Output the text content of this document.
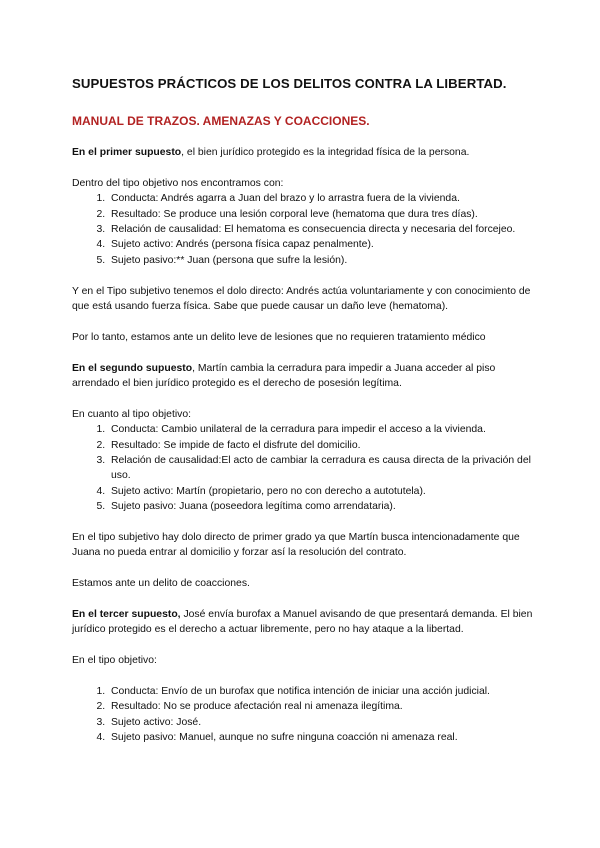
SUPUESTOS PRÁCTICOS DE LOS DELITOS CONTRA LA LIBERTAD.
MANUAL DE TRAZOS. AMENAZAS Y COACCIONES.

En el primer supuesto, el bien jurídico protegido es la integridad física de la persona.

Dentro del tipo objetivo nos encontramos con:

1. Conducta: Andrés agarra a Juan del brazo y lo arrastra fuera de la vivienda.
2. Resultado: Se produce una lesión corporal leve (hematoma que dura tres días).
3. Relación de causalidad: El hematoma es consecuencia directa y necesaria del forcejeo.
4. Sujeto activo: Andrés (persona física capaz penalmente).
5. Sujeto pasivo:** Juan (persona que sufre la lesión).

Y en el Tipo subjetivo tenemos el dolo directo: Andrés actúa voluntariamente y con conocimiento de que está usando fuerza física. Sabe que puede causar un daño leve (hematoma).

Por lo tanto, estamos ante un delito leve de lesiones que no requieren tratamiento médico

En el segundo supuesto, Martín cambia la cerradura para impedir a Juana acceder al piso arrendado el bien jurídico protegido es el derecho de posesión legítima.

En cuanto al tipo objetivo:

1. Conducta: Cambio unilateral de la cerradura para impedir el acceso a la vivienda.
2. Resultado: Se impide de facto el disfrute del domicilio.
3. Relación de causalidad:El acto de cambiar la cerradura es causa directa de la privación del uso.
4. Sujeto activo: Martín (propietario, pero no con derecho a autotutela).
5. Sujeto pasivo: Juana (poseedora legítima como arrendataria).

En el tipo subjetivo hay dolo directo de primer grado ya que Martín busca intencionadamente que Juana no pueda entrar al domicilio y forzar así la resolución del contrato.

Estamos ante un delito de coacciones.

En el tercer supuesto, José envía burofax a Manuel avisando de que presentará demanda. El bien jurídico protegido es el derecho a actuar libremente, pero no hay ataque a la libertad.

En el tipo objetivo:

1. Conducta: Envío de un burofax que notifica intención de iniciar una acción judicial.
2. Resultado: No se produce afectación real ni amenaza ilegítima.
3. Sujeto activo: José.
4. Sujeto pasivo: Manuel, aunque no sufre ninguna coacción ni amenaza real.
